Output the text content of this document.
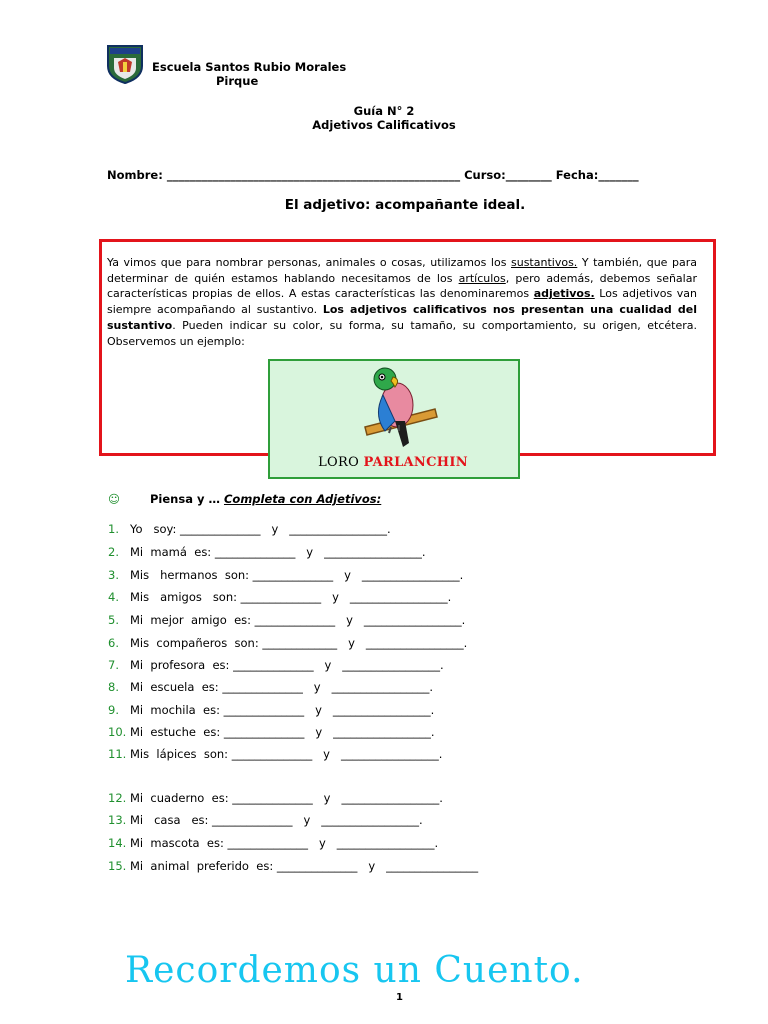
Escuela Santos Rubio Morales
Pirque
Guía N° 2
Adjetivos Calificativos
Nombre: ___________________________________________________ Curso:________ Fecha:_______
El adjetivo: acompañante ideal.
Ya vimos que para nombrar personas, animales o cosas, utilizamos los sustantivos. Y también, que para determinar de quién estamos hablando necesitamos de los artículos, pero además, debemos señalar características propias de ellos. A estas características las denominaremos adjetivos. Los adjetivos van siempre acompañando al sustantivo. Los adjetivos calificativos nos presentan una cualidad del sustantivo. Pueden indicar su color, su forma, su tamaño, su comportamiento, su origen, etcétera. Observemos un ejemplo:
LORO PARLANCHIN
☺	Piensa y … Completa con Adjetivos:
1. Yo   soy: ______________   y   _________________.
2. Mi  mamá  es: ______________   y   _________________.
3. Mis   hermanos  son: ______________   y   _________________.
4. Mis   amigos   son: ______________   y   _________________.
5. Mi  mejor  amigo  es: ______________   y   _________________.
6. Mis  compañeros  son: _____________   y   _________________.
7. Mi  profesora  es: ______________   y   _________________.
8. Mi  escuela  es: ______________   y   _________________.
9. Mi  mochila  es: ______________   y   _________________.
10. Mi  estuche  es: ______________   y   _________________.
11. Mis  lápices  son: ______________   y   _________________.
12. Mi  cuaderno  es: ______________   y   _________________.
13. Mi   casa   es: ______________   y   _________________.
14. Mi  mascota  es: ______________   y   _________________.
15. Mi  animal  preferido  es: ______________   y   ________________
Recordemos un Cuento.
1
